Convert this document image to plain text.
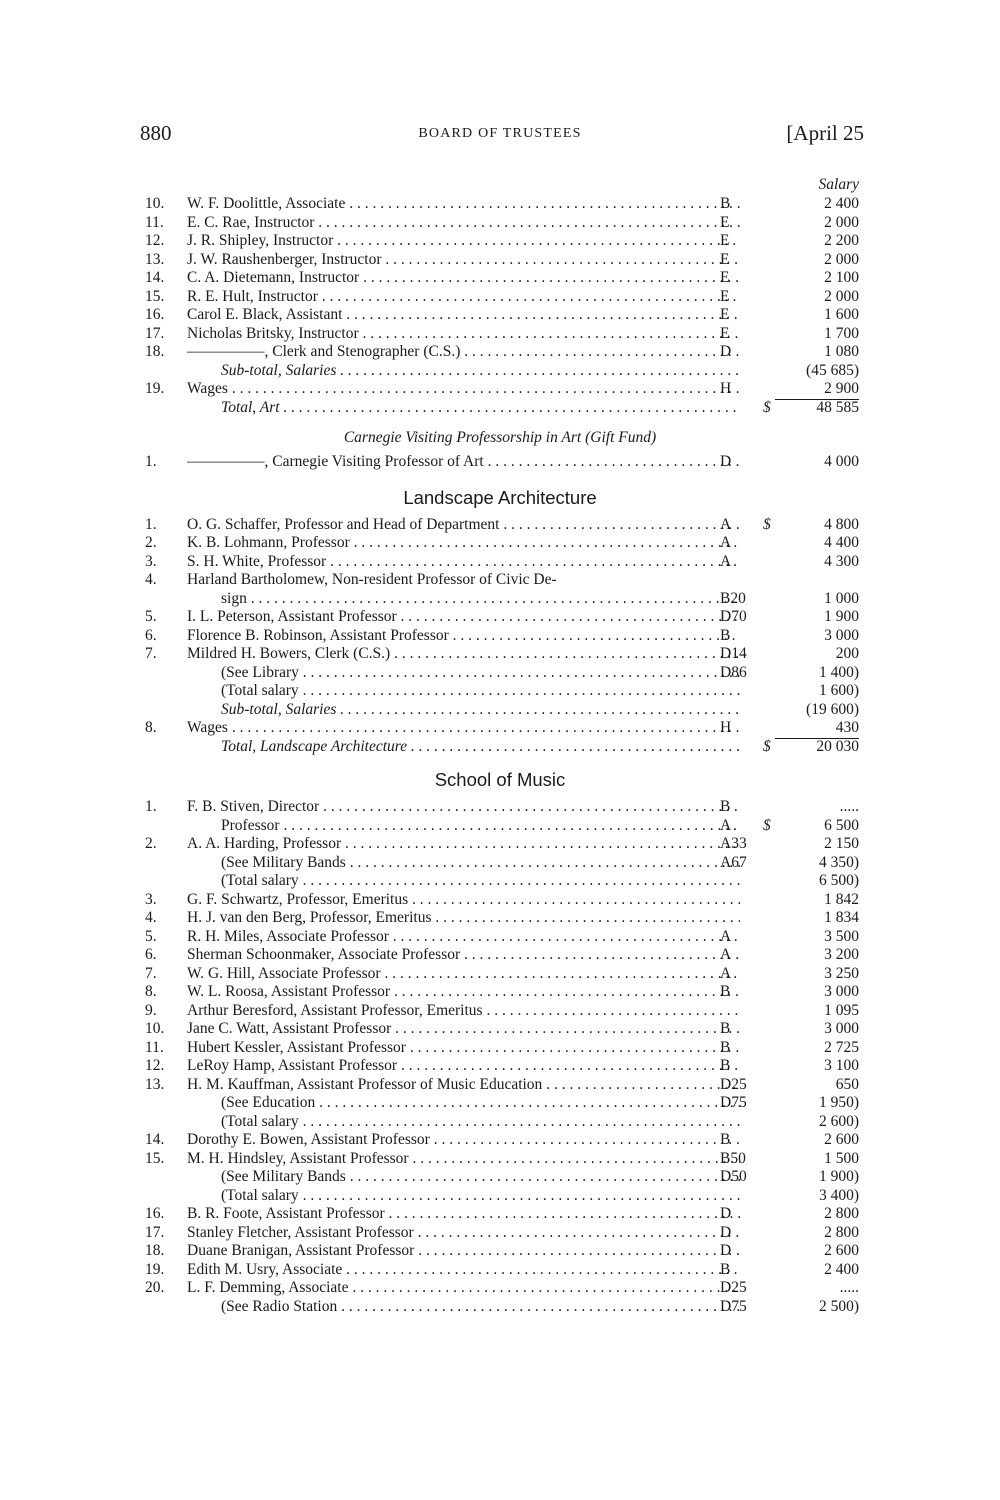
880	BOARD OF TRUSTEES	[April 25
Salary
10.	W. F. Doolittle, Associate . . .	B	2 400
11.	E. C. Rae, Instructor . . .	E	2 000
12.	J. R. Shipley, Instructor . . .	E	2 200
13.	J. W. Raushenberger, Instructor . . .	E	2 000
14.	C. A. Dietemann, Instructor . . .	E	2 100
15.	R. E. Hult, Instructor . . .	E	2 000
16.	Carol E. Black, Assistant . . .	E	1 600
17.	Nicholas Britsky, Instructor . . .	E	1 700
18.	—————, Clerk and Stenographer (C.S.) . . .	D	1 080
Sub-total, Salaries . . .	(45 685)
19.	Wages . . .	H	2 900
Total, Art . . .	$	48 585
Carnegie Visiting Professorship in Art (Gift Fund)
1.	—————, Carnegie Visiting Professor of Art . . .	D	4 000
Landscape Architecture
1.	O. G. Schaffer, Professor and Head of Department . . .	A	$	4 800
2.	K. B. Lohmann, Professor . . .	A	4 400
3.	S. H. White, Professor . . .	A	4 300
4.	Harland Bartholomew, Non-resident Professor of Civic De-
sign . . .	B20	1 000
5.	I. L. Peterson, Assistant Professor . . .	D70	1 900
6.	Florence B. Robinson, Assistant Professor . . .	B	3 000
7.	Mildred H. Bowers, Clerk (C.S.) . . .	D14	200
(See Library . . .	D86	1 400)
(Total salary . . .	1 600)
Sub-total, Salaries . . .	(19 600)
8.	Wages . . .	H	430
Total, Landscape Architecture . . .	$	20 030
School of Music
1.	F. B. Stiven, Director . . .	B	.....
Professor . . .	A	$	6 500
2.	A. A. Harding, Professor . . .	A33	2 150
(See Military Bands . . .	A67	4 350)
(Total salary . . .	6 500)
3.	G. F. Schwartz, Professor, Emeritus . . .	1 842
4.	H. J. van den Berg, Professor, Emeritus . . .	1 834
5.	R. H. Miles, Associate Professor . . .	A	3 500
6.	Sherman Schoonmaker, Associate Professor . . .	A	3 200
7.	W. G. Hill, Associate Professor . . .	A	3 250
8.	W. L. Roosa, Assistant Professor . . .	B	3 000
9.	Arthur Beresford, Assistant Professor, Emeritus . . .	1 095
10.	Jane C. Watt, Assistant Professor . . .	B	3 000
11.	Hubert Kessler, Assistant Professor . . .	B	2 725
12.	LeRoy Hamp, Assistant Professor . . .	B	3 100
13.	H. M. Kauffman, Assistant Professor of Music Education . . .	D25	650
(See Education . . .	D75	1 950)
(Total salary . . .	2 600)
14.	Dorothy E. Bowen, Assistant Professor . . .	B	2 600
15.	M. H. Hindsley, Assistant Professor . . .	B50	1 500
(See Military Bands . . .	D50	1 900)
(Total salary . . .	3 400)
16.	B. R. Foote, Assistant Professor . . .	D	2 800
17.	Stanley Fletcher, Assistant Professor . . .	D	2 800
18.	Duane Branigan, Assistant Professor . . .	D	2 600
19.	Edith M. Usry, Associate . . .	B	2 400
20.	L. F. Demming, Associate . . .	D25	.....
(See Radio Station . . .	D75	2 500)
